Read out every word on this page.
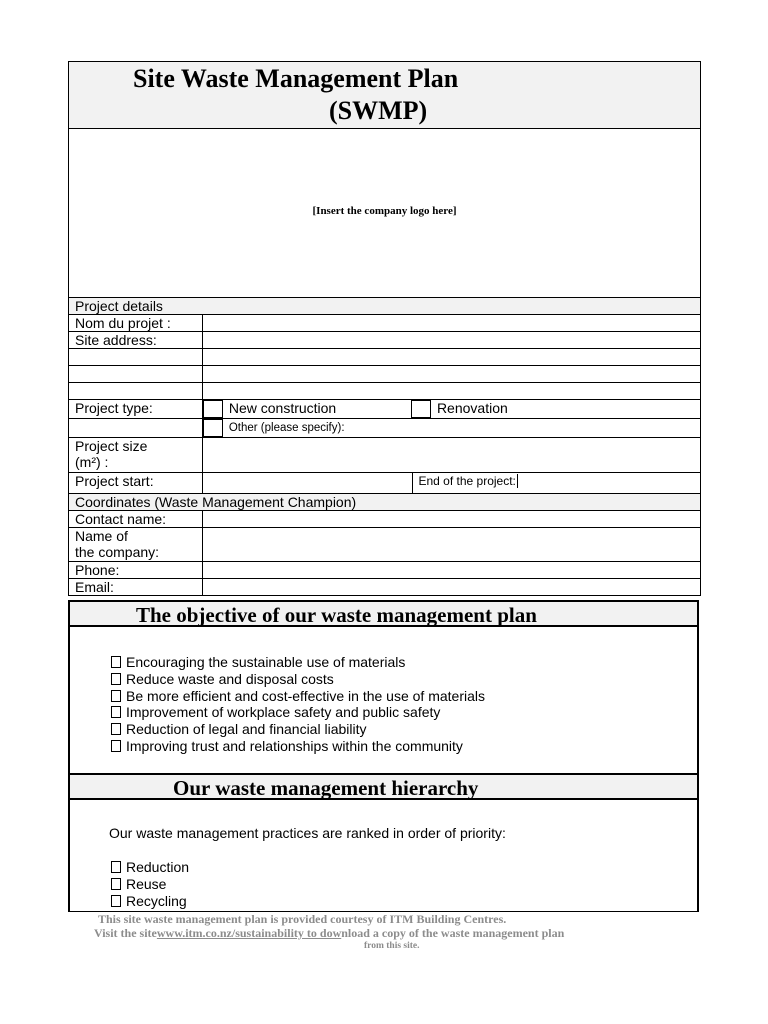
Site Waste Management Plan
(SWMP)
[Insert the company logo here]
Project details			
Nom du projet :			
Site address:			

Project type:	New construction		Renovation
	Other (please specify):		
Project size
(m²) :			
Project start:		End of the project:	
Coordinates (Waste Management Champion)			
Contact name:			
Name of
the company:			
Phone:			
Email:			
The objective of our waste management plan
Encouraging the sustainable use of materials
Reduce waste and disposal costs
Be more efficient and cost-effective in the use of materials
Improvement of workplace safety and public safety
Reduction of legal and financial liability
Improving trust and relationships within the community
Our waste management hierarchy
Our waste management practices are ranked in order of priority:
Reduction
Reuse
Recycling
This site waste management plan is provided courtesy of ITM Building Centres.
Visit the sitewww.itm.co.nz/sustainability to download a copy of the waste management plan
from this site.
